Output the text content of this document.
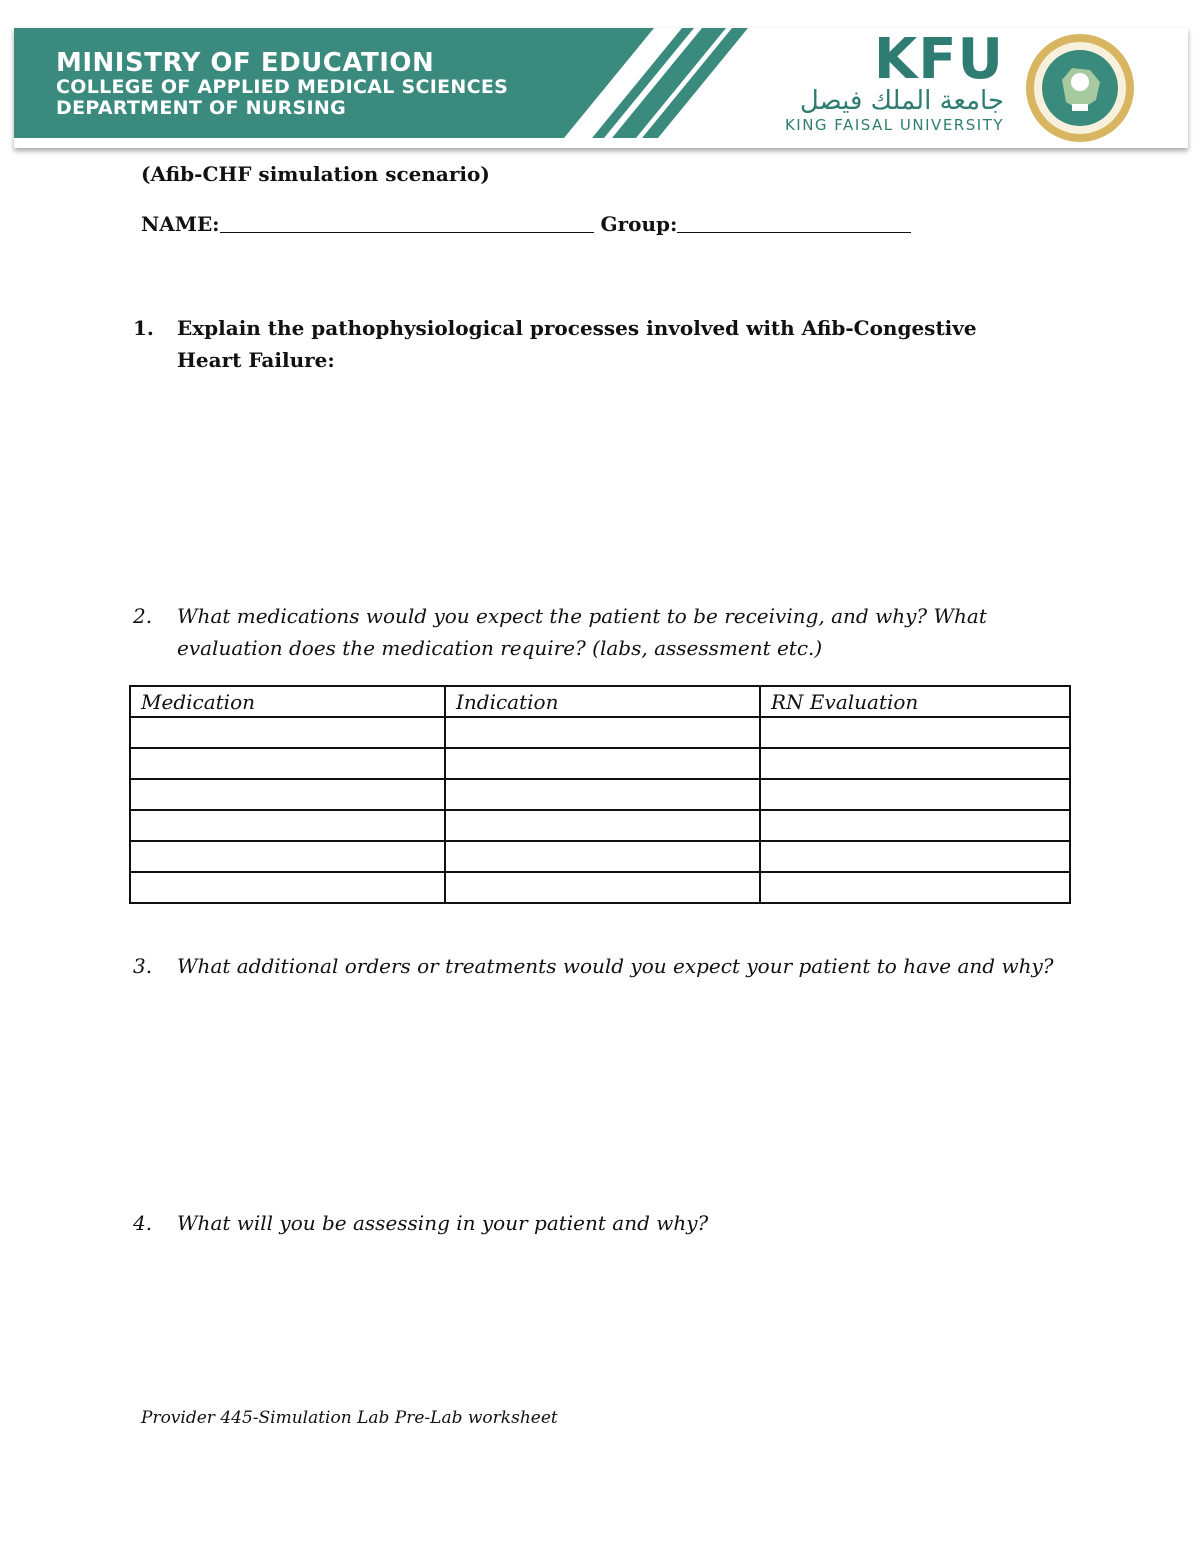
MINISTRY OF EDUCATION
COLLEGE OF APPLIED MEDICAL SCIENCES
DEPARTMENT OF NURSING
KFU
جامعة الملك فيصل
KING FAISAL UNIVERSITY
(Afib-CHF simulation scenario)
NAME:	Group:
1.	Explain the pathophysiological processes involved with Afib-Congestive Heart Failure:
2.	What medications would you expect the patient to be receiving, and why? What evaluation does the medication require? (labs, assessment etc.)
Medication	Indication	RN Evaluation

3.	What additional orders or treatments would you expect your patient to have and why?
4.	What will you be assessing in your patient and why?
Provider 445-Simulation Lab Pre-Lab worksheet
